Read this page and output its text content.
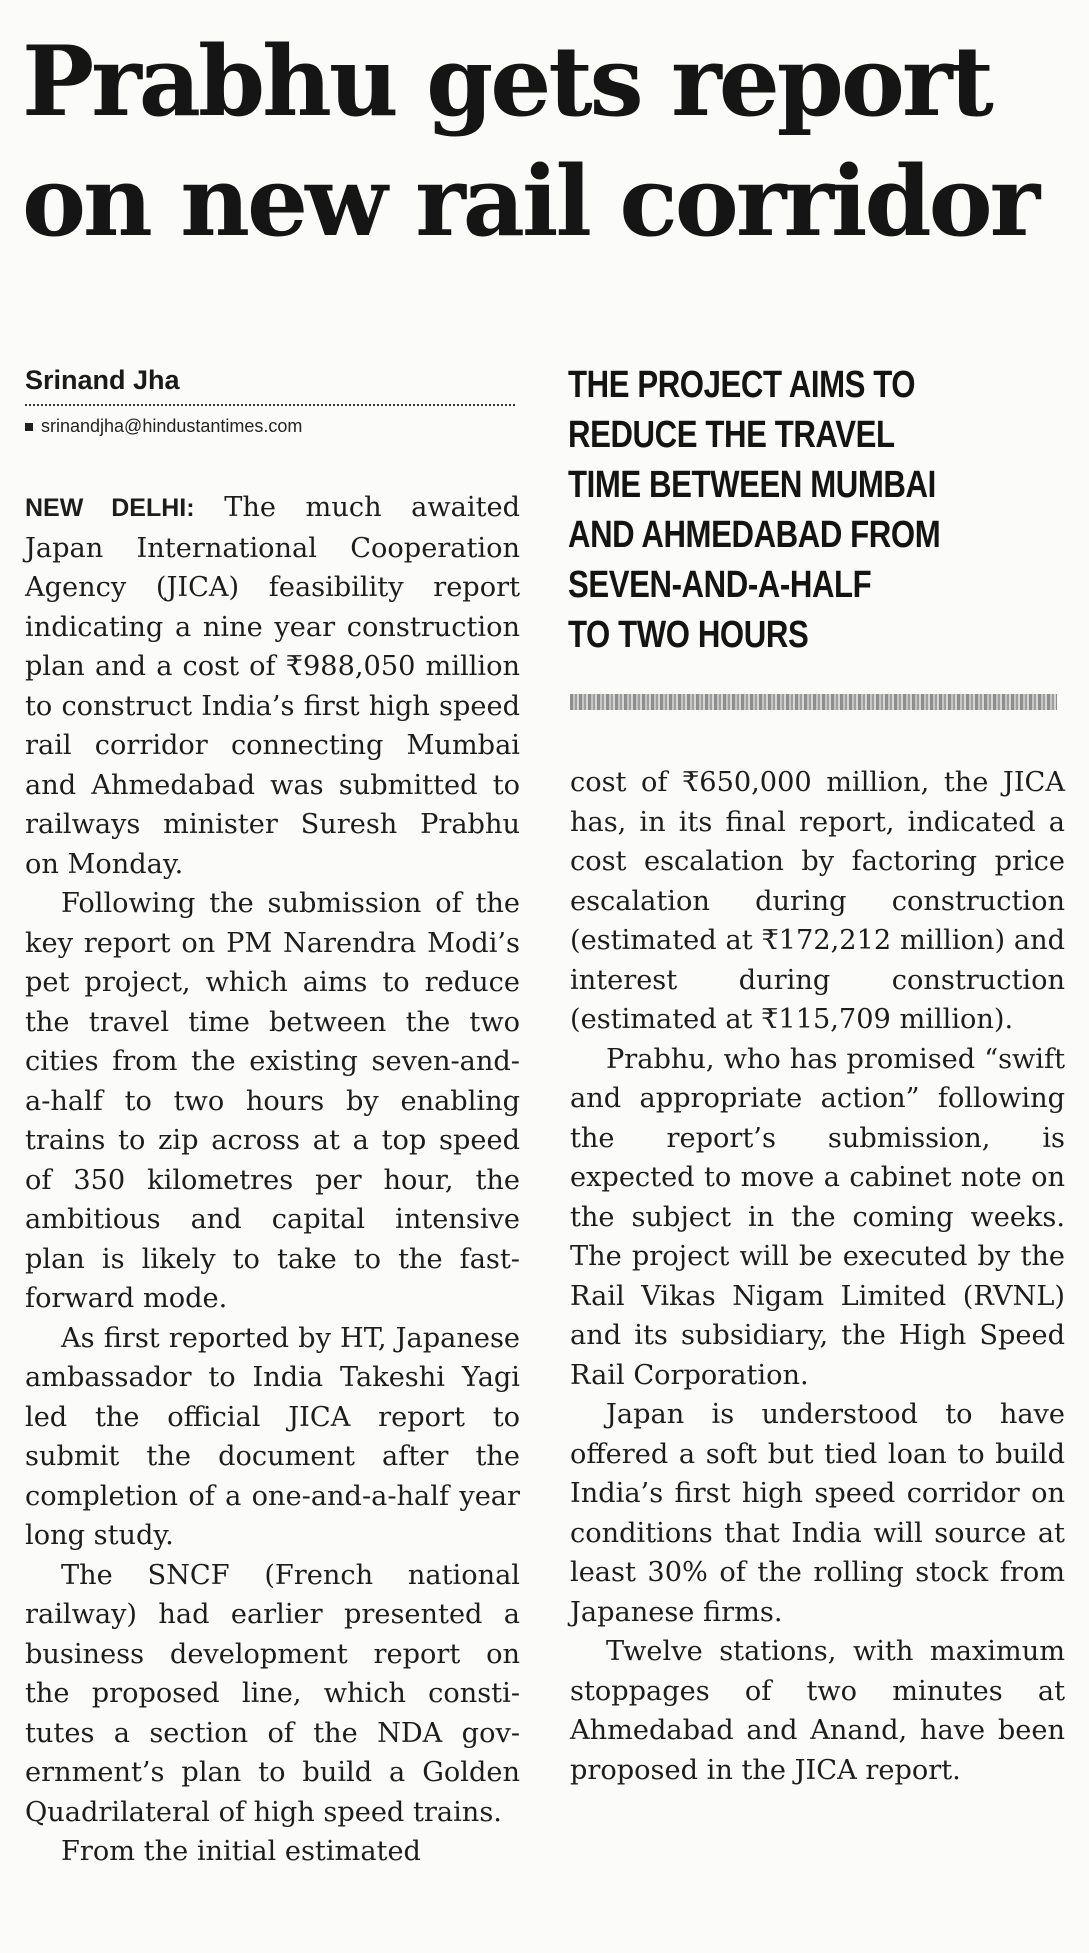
Prabhu gets report
on new rail corridor
Srinand Jha
srinandjha@hindustantimes.com

NEW DELHI: The much awaited Japan International Cooperation Agency (JICA) feasibility report indicating a nine year construction plan and a cost of ₹988,050 million to construct India’s first high speed rail corridor connecting Mumbai and Ahmedabad was submitted to railways minister Suresh Prabhu on Monday.

Following the submission of the key report on PM Narendra Modi’s pet project, which aims to reduce the travel time between the two cities from the existing seven-and-a-half to two hours by enabling trains to zip across at a top speed of 350 kilometres per hour, the ambitious and capital intensive plan is likely to take to the fast-forward mode.

As first reported by HT, Japanese ambassador to India Takeshi Yagi led the official JICA report to submit the document after the completion of a one-and-a-half year long study.

The SNCF (French national railway) had earlier presented a business development report on the proposed line, which constitutes a section of the NDA government’s plan to build a Golden Quadrilateral of high speed trains.

From the initial estimated

THE PROJECT AIMS TO
REDUCE THE TRAVEL
TIME BETWEEN MUMBAI
AND AHMEDABAD FROM
SEVEN-AND-A-HALF
TO TWO HOURS

cost of ₹650,000 million, the JICA has, in its final report, indicated a cost escalation by factoring price escalation during construction (estimated at ₹172,212 million) and interest during construction (estimated at ₹115,709 million).

Prabhu, who has promised “swift and appropriate action” following the report’s submission, is expected to move a cabinet note on the subject in the coming weeks. The project will be executed by the Rail Vikas Nigam Limited (RVNL) and its subsidiary, the High Speed Rail Corporation.

Japan is understood to have offered a soft but tied loan to build India’s first high speed corridor on conditions that India will source at least 30% of the rolling stock from Japanese firms.

Twelve stations, with maximum stoppages of two minutes at Ahmedabad and Anand, have been proposed in the JICA report.
